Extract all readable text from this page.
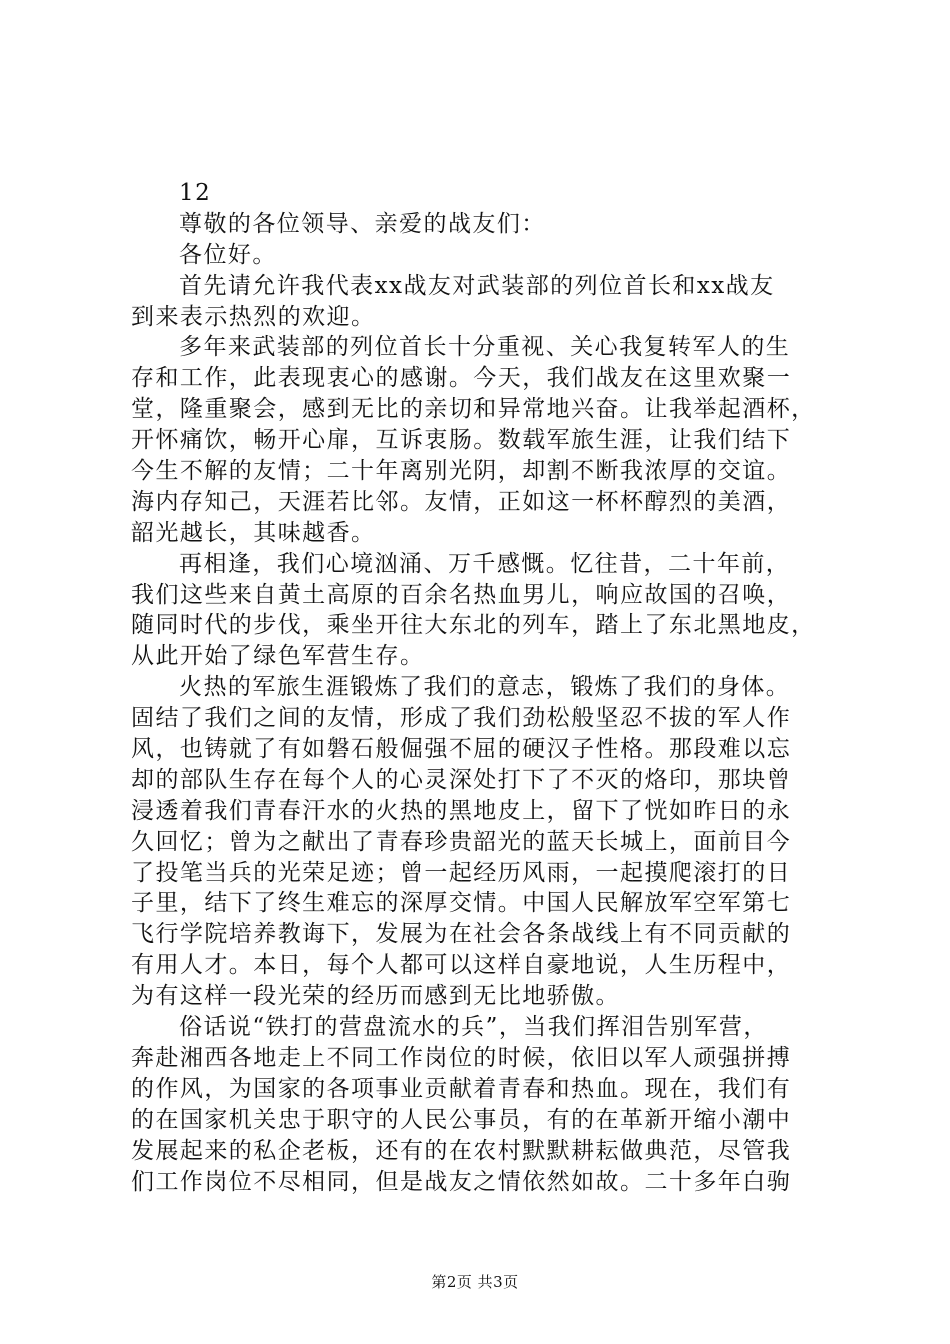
12
尊敬的各位领导、亲爱的战友们：
各位好。
首先请允许我代表xx战友对武装部的列位首长和xx战友
到来表示热烈的欢迎。
多年来武装部的列位首长十分重视、关心我复转军人的生
存和工作，此表现衷心的感谢。今天，我们战友在这里欢聚一
堂，隆重聚会，感到无比的亲切和异常地兴奋。让我举起酒杯，
开怀痛饮，畅开心扉，互诉衷肠。数载军旅生涯，让我们结下
今生不解的友情；二十年离别光阴，却割不断我浓厚的交谊。
海内存知己，天涯若比邻。友情，正如这一杯杯醇烈的美酒，
韶光越长，其味越香。
再相逢，我们心境汹涌、万千感慨。忆往昔，二十年前，
我们这些来自黄土高原的百余名热血男儿，响应故国的召唤，
随同时代的步伐，乘坐开往大东北的列车，踏上了东北黑地皮，
从此开始了绿色军营生存。
火热的军旅生涯锻炼了我们的意志，锻炼了我们的身体。
固结了我们之间的友情，形成了我们劲松般坚忍不拔的军人作
风，也铸就了有如磐石般倔强不屈的硬汉子性格。那段难以忘
却的部队生存在每个人的心灵深处打下了不灭的烙印，那块曾
浸透着我们青春汗水的火热的黑地皮上，留下了恍如昨日的永
久回忆；曾为之献出了青春珍贵韶光的蓝天长城上，面前目今
了投笔当兵的光荣足迹；曾一起经历风雨，一起摸爬滚打的日
子里，结下了终生难忘的深厚交情。中国人民解放军空军第七
飞行学院培养教诲下，发展为在社会各条战线上有不同贡献的
有用人才。本日，每个人都可以这样自豪地说，人生历程中，
为有这样一段光荣的经历而感到无比地骄傲。
俗话说“铁打的营盘流水的兵”，当我们挥泪告别军营，
奔赴湘西各地走上不同工作岗位的时候，依旧以军人顽强拼搏
的作风，为国家的各项事业贡献着青春和热血。现在，我们有
的在国家机关忠于职守的人民公事员，有的在革新开缩小潮中
发展起来的私企老板，还有的在农村默默耕耘做典范，尽管我
们工作岗位不尽相同，但是战友之情依然如故。二十多年白驹
第2页 共3页
